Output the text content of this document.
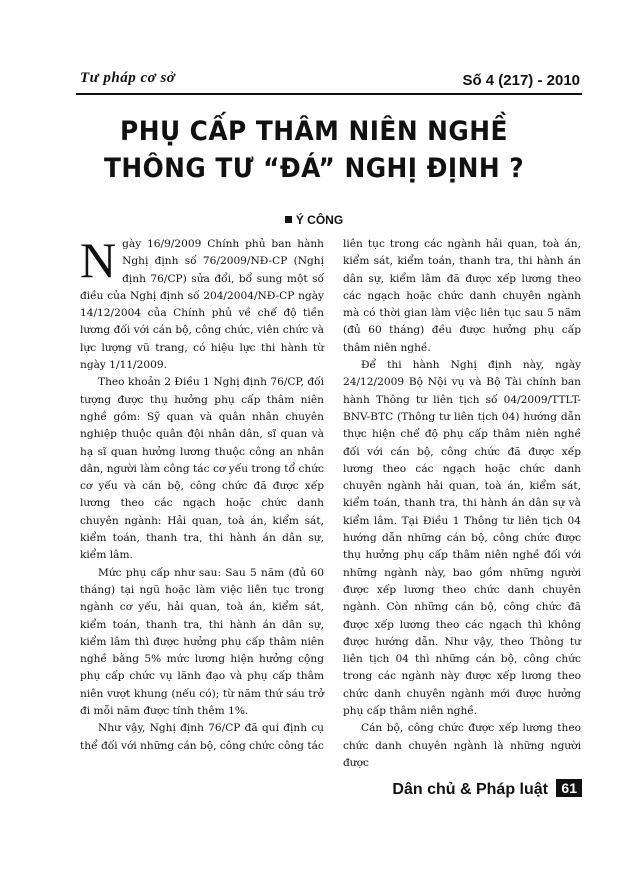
Tư pháp cơ sở	Số 4 (217) - 2010
PHỤ CẤP THÂM NIÊN NGHỀ
THÔNG TƯ “ĐÁ” NGHỊ ĐỊNH ?
Ý CÔNG

Ngày 16/9/2009 Chính phủ ban hành Nghị định số 76/2009/NĐ-CP (Nghị định 76/CP) sửa đổi, bổ sung một số điều của Nghị định số 204/2004/NĐ-CP ngày 14/12/2004 của Chính phủ về chế độ tiền lương đối với cán bộ, công chức, viên chức và lực lượng vũ trang, có hiệu lực thi hành từ ngày 1/11/2009.

Theo khoản 2 Điều 1 Nghị định 76/CP, đối tượng được thụ hưởng phụ cấp thâm niên nghề gồm: Sỹ quan và quân nhân chuyên nghiệp thuộc quân đội nhân dân, sĩ quan và hạ sĩ quan hưởng lương thuộc công an nhân dân, người làm công tác cơ yếu trong tổ chức cơ yếu và cán bộ, công chức đã được xếp lương theo các ngạch hoặc chức danh chuyên ngành: Hải quan, toà án, kiểm sát, kiểm toán, thanh tra, thi hành án dân sự, kiểm lâm.

Mức phụ cấp như sau: Sau 5 năm (đủ 60 tháng) tại ngũ hoặc làm việc liên tục trong ngành cơ yếu, hải quan, toà án, kiểm sát, kiểm toán, thanh tra, thi hành án dân sự, kiểm lâm thì được hưởng phụ cấp thâm niên nghề bằng 5% mức lương hiện hưởng cộng phụ cấp chức vụ lãnh đạo và phụ cấp thâm niên vượt khung (nếu có); từ năm thứ sáu trở đi mỗi năm được tính thêm 1%.

Như vậy, Nghị định 76/CP đã qui định cụ thể đối với những cán bộ, công chức công tác

liên tục trong các ngành hải quan, toà án, kiểm sát, kiểm toán, thanh tra, thi hành án dân sự, kiểm lâm đã được xếp lương theo các ngạch hoặc chức danh chuyên ngành mà có thời gian làm việc liên tục sau 5 năm (đủ 60 tháng) đều được hưởng phụ cấp thâm niên nghề.

Để thi hành Nghị định này, ngày 24/12/2009 Bộ Nội vụ và Bộ Tài chính ban hành Thông tư liên tịch số 04/2009/TTLT-BNV-BTC (Thông tư liên tịch 04) hướng dẫn thực hiện chế độ phụ cấp thâm niên nghề đối với cán bộ, công chức đã được xếp lương theo các ngạch hoặc chức danh chuyên ngành hải quan, toà án, kiểm sát, kiểm toán, thanh tra, thi hành án dân sự và kiểm lâm. Tại Điều 1 Thông tư liên tịch 04 hướng dẫn những cán bộ, công chức được thụ hưởng phụ cấp thâm niên nghề đối với những ngành này, bao gồm những người được xếp lương theo chức danh chuyên ngành. Còn những cán bộ, công chức đã được xếp lương theo các ngạch thì không được hướng dẫn. Như vậy, theo Thông tư liên tịch 04 thì những cán bộ, công chức trong các ngành này được xếp lương theo chức danh chuyên ngành mới được hưởng phụ cấp thâm niên nghề.

Cán bộ, công chức được xếp lương theo chức danh chuyên ngành là những người được

Dân chủ & Pháp luật 61
